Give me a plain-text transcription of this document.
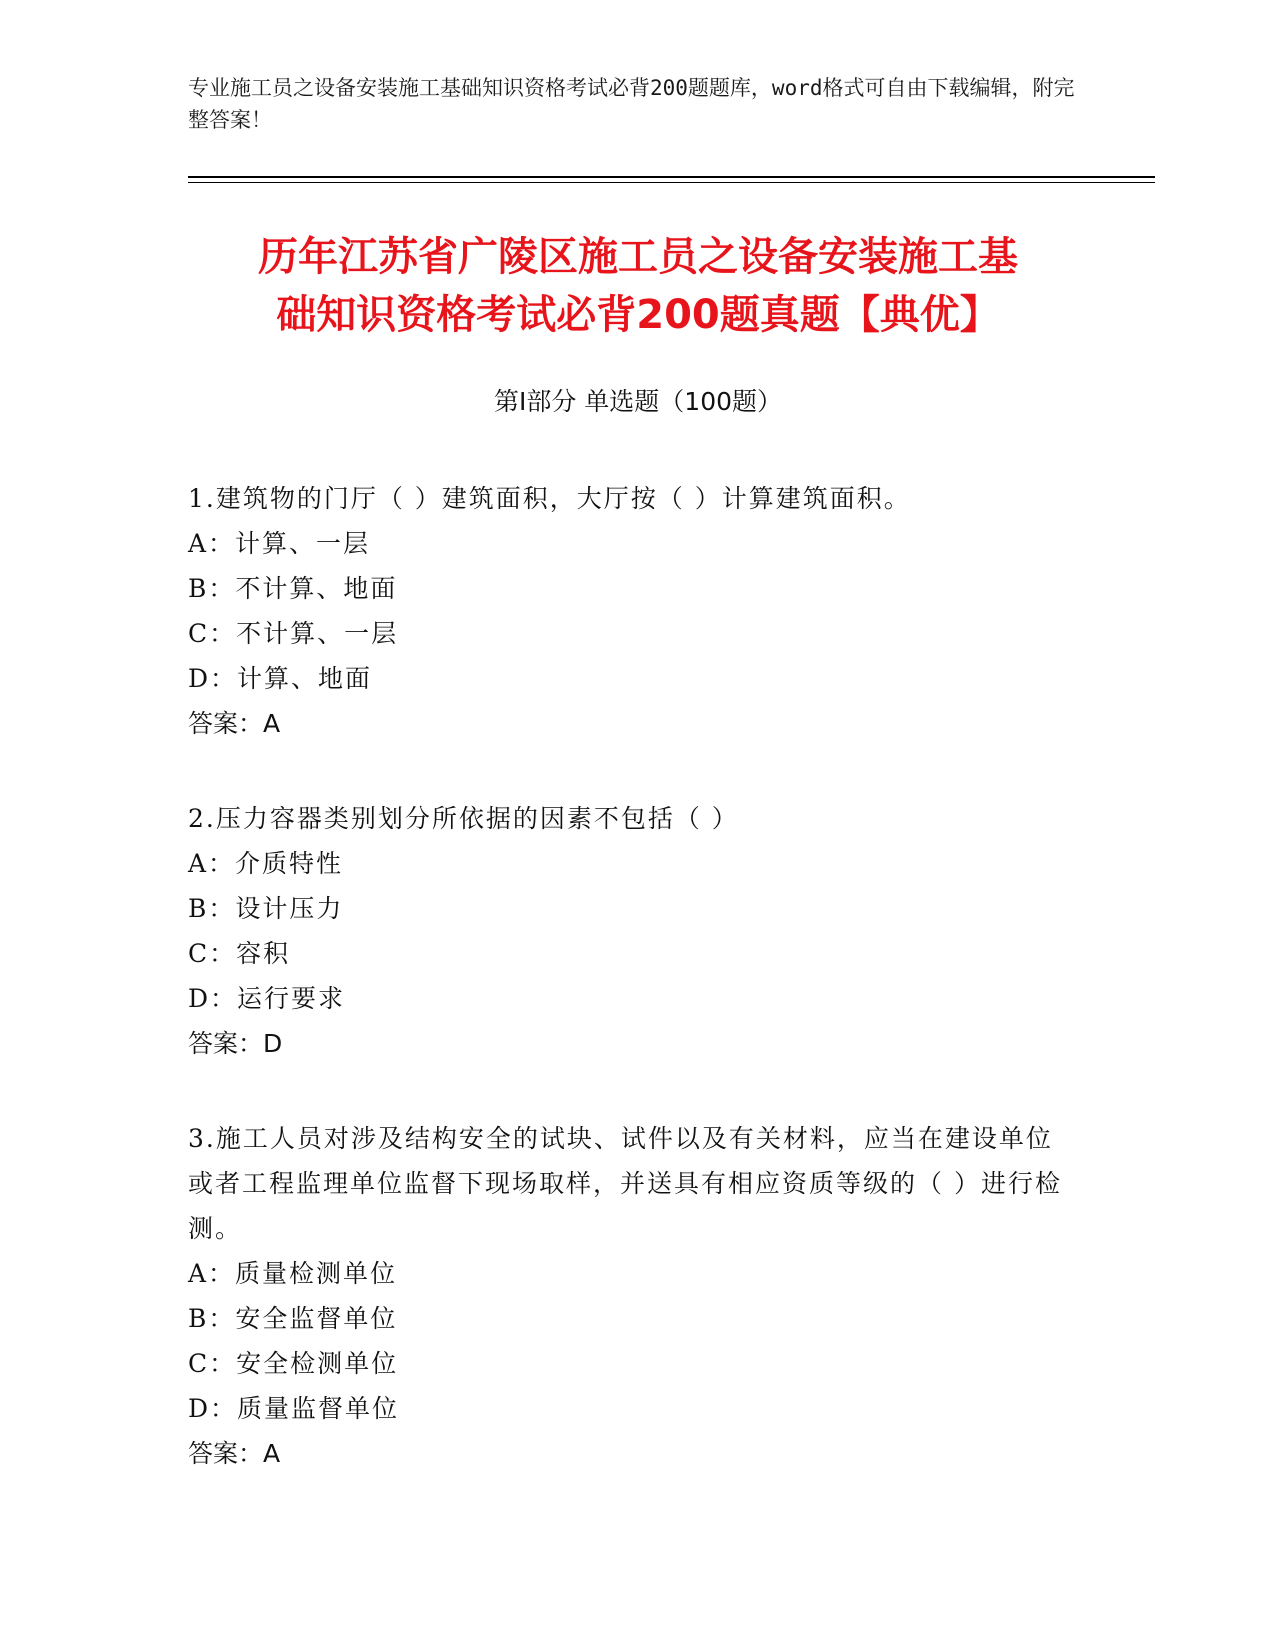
专业施工员之设备安装施工基础知识资格考试必背200题题库，word格式可自由下载编辑，附完整答案！
历年江苏省广陵区施工员之设备安装施工基
础知识资格考试必背200题真题【典优】
第Ⅰ部分 单选题（100题）
1.建筑物的门厅（ ）建筑面积，大厅按（ ）计算建筑面积。
A：计算、一层
B：不计算、地面
C：不计算、一层
D：计算、地面
答案：A
2.压力容器类别划分所依据的因素不包括（ ）
A：介质特性
B：设计压力
C：容积
D：运行要求
答案：D
3.施工人员对涉及结构安全的试块、试件以及有关材料，应当在建设单位或者工程监理单位监督下现场取样，并送具有相应资质等级的（ ）进行检测。
A：质量检测单位
B：安全监督单位
C：安全检测单位
D：质量监督单位
答案：A
